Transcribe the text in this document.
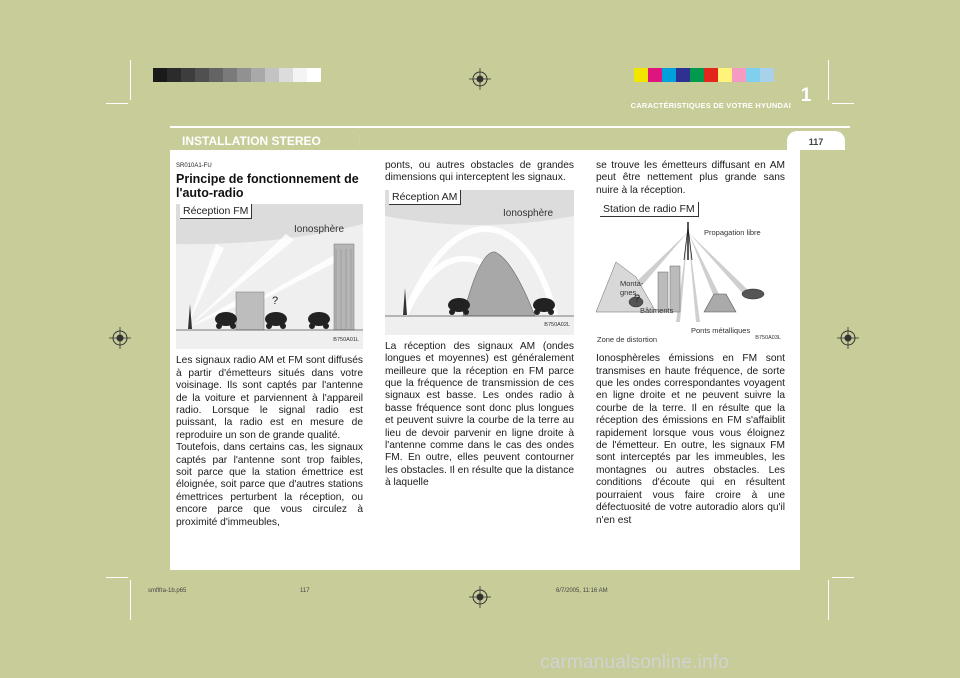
CARACTÉRISTIQUES DE VOTRE HYUNDAI 1
INSTALLATION STEREO	117
SR010A1-FU
Principe de fonctionnement de l'auto-radio
?
Réception FM
Ionosphère
B750A01L

Les signaux radio AM et FM sont diffusés à partir d'émetteurs situés dans votre voisinage. Ils sont captés par l'antenne de la voiture et parviennent à l'appareil radio. Lorsque le signal radio est puissant, la radio est en mesure de reproduire un son de grande qualité.

Toutefois, dans certains cas, les signaux captés par l'antenne sont trop faibles, soit parce que la station émettrice est éloignée, soit parce que d'autres stations émettrices perturbent la réception, ou encore parce que vous circulez à proximité d'immeubles,

ponts, ou autres obstacles de grandes dimensions qui interceptent les signaux.

Réception AM
Ionosphère
B750A02L

La réception des signaux AM (ondes longues et moyennes) est généralement meilleure que la réception en FM parce que la fréquence de transmission de ces signaux est basse. Les ondes radio à basse fréquence sont donc plus longues et peuvent suivre la courbe de la terre au lieu de devoir parvenir en ligne droite à l'antenne comme dans le cas des ondes FM. En outre, elles peuvent contourner les obstacles. Il en résulte que la distance à laquelle

se trouve les émetteurs diffusant en AM peut être nettement plus grande sans nuire à la réception.

?
Station de radio FM
Propagation libre
Monta-
gnes
Bâtiments
Zone de distortion
Ponts métalliques
B750A03L

Ionosphèreles émissions en FM sont transmises en haute fréquence, de sorte que les ondes correspondantes voyagent en ligne droite et ne peuvent suivre la courbe de la terre. Il en résulte que la réception des émissions en FM s'affaiblit rapidement lorsque vous vous éloignez de l'émetteur. En outre, les signaux FM sont interceptés par les immeubles, les montagnes ou autres obstacles. Les conditions d'écoute qui en résultent pourraient vous faire croire à une défectuosité de votre autoradio alors qu'il n'en est

smflfra-1b.p65	117	6/7/2005, 11:16 AM
carmanualsonline.info
